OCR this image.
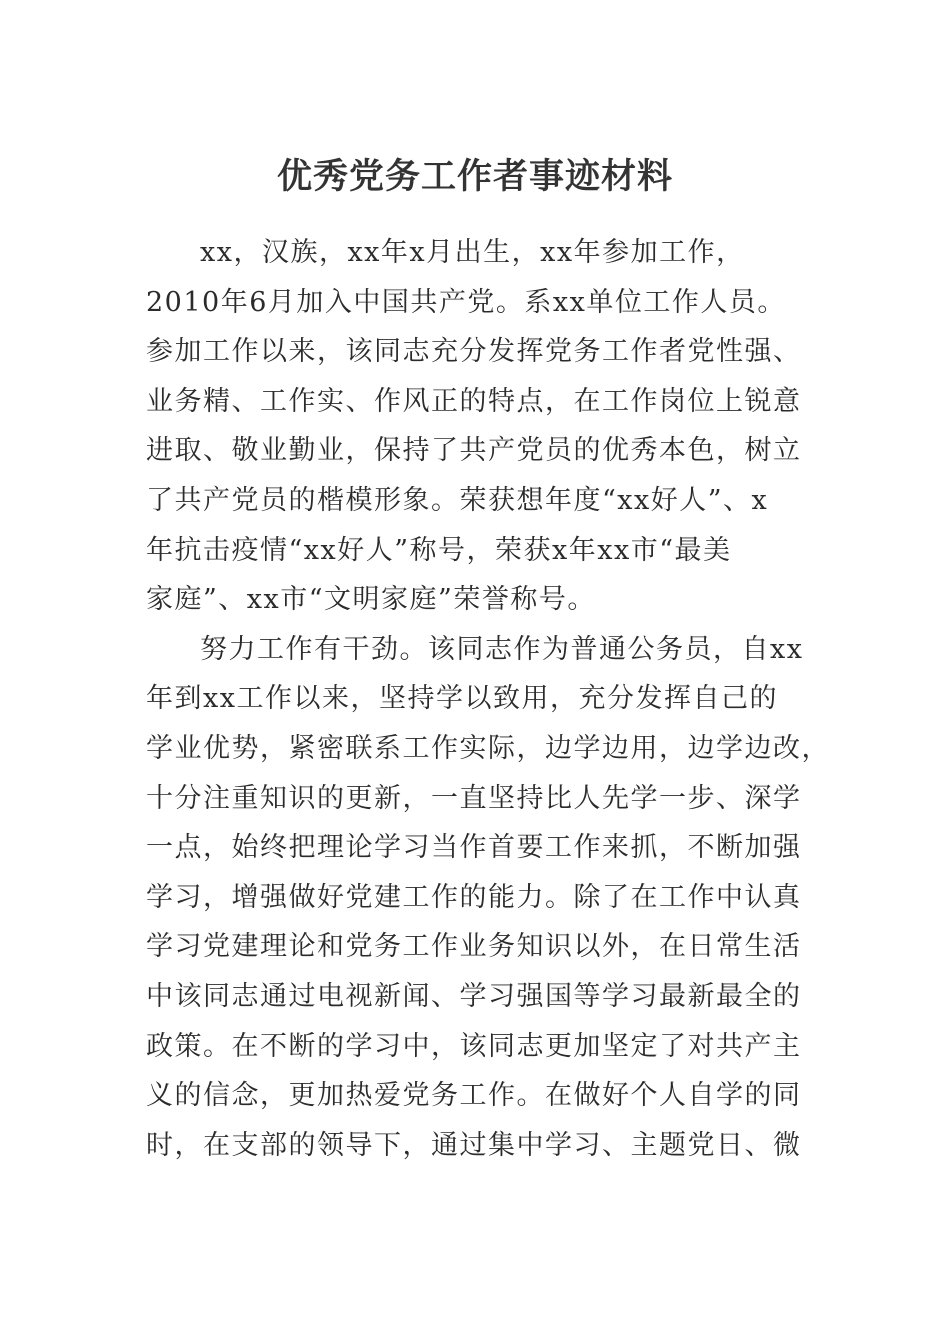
优秀党务工作者事迹材料
xx，汉族，xx年x月出生，xx年参加工作，
2010年6月加入中国共产党。系xx单位工作人员。
参加工作以来，该同志充分发挥党务工作者党性强、
业务精、工作实、作风正的特点，在工作岗位上锐意
进取、敬业勤业，保持了共产党员的优秀本色，树立
了共产党员的楷模形象。荣获想年度“xx好人”、x
年抗击疫情“xx好人”称号，荣获x年xx市“最美
家庭”、xx市“文明家庭”荣誉称号。
努力工作有干劲。该同志作为普通公务员，自xx
年到xx工作以来，坚持学以致用，充分发挥自己的
学业优势，紧密联系工作实际，边学边用，边学边改，
十分注重知识的更新，一直坚持比人先学一步、深学
一点，始终把理论学习当作首要工作来抓，不断加强
学习，增强做好党建工作的能力。除了在工作中认真
学习党建理论和党务工作业务知识以外，在日常生活
中该同志通过电视新闻、学习强国等学习最新最全的
政策。在不断的学习中，该同志更加坚定了对共产主
义的信念，更加热爱党务工作。在做好个人自学的同
时，在支部的领导下，通过集中学习、主题党日、微
